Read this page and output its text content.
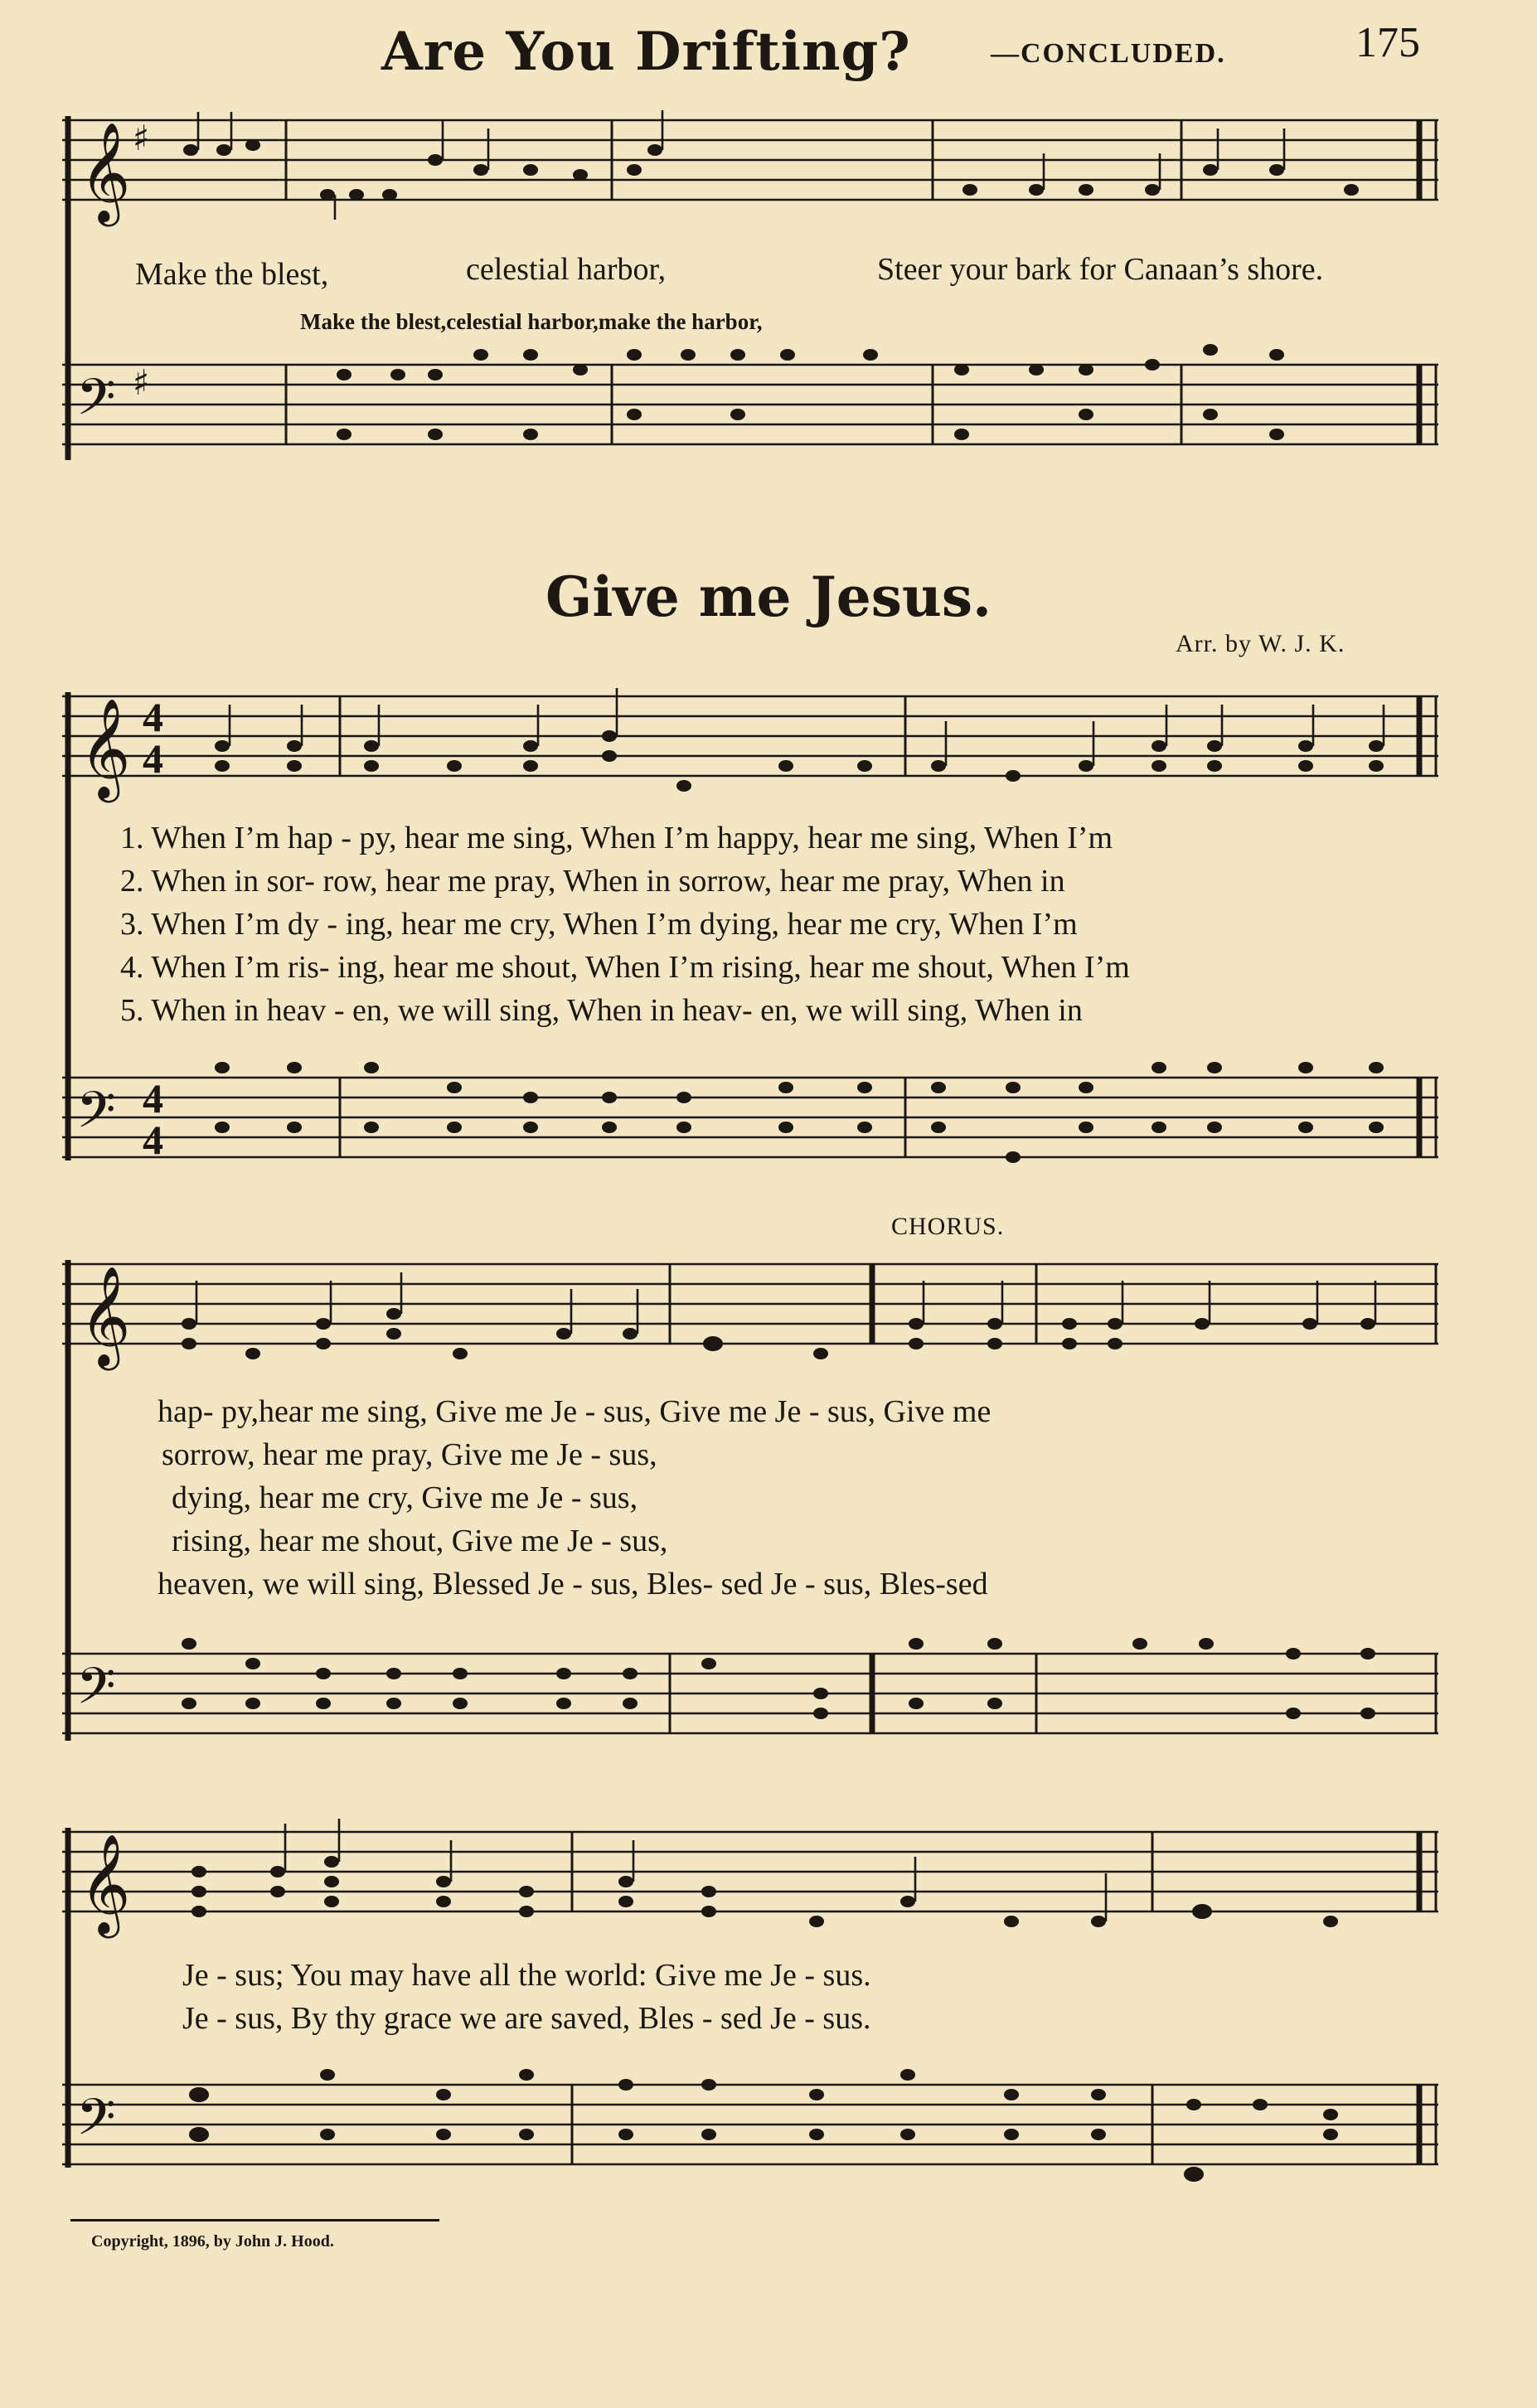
Are You Drifting?	—CONCLUDED.	175
𝄞 ♯
Make the blest,	celestial harbor,	Steer your bark for Canaan’s shore.
Make the blest,celestial harbor,make the harbor,
𝄢 ♯
Give me Jesus.
Arr. by W. J. K.
𝄞 4
4
1. When I’m hap - py, hear me sing, When I’m happy, hear me sing, When I’m
2. When in sor- row, hear me pray, When in sorrow, hear me pray, When in
3. When I’m dy - ing, hear me cry, When I’m dying, hear me cry, When I’m
4. When I’m ris- ing, hear me shout, When I’m rising, hear me shout, When I’m
5. When in heav - en, we will sing, When in heav- en, we will sing, When in
𝄢 4
4
CHORUS.
𝄞
hap- py,hear me sing, Give me Je - sus, Give me Je - sus, Give me
sorrow, hear me pray, Give me Je - sus,
dying, hear me cry, Give me Je - sus,
rising, hear me shout, Give me Je - sus,
heaven, we will sing, Blessed Je - sus, Bles- sed Je - sus, Bles-sed
𝄢
𝄞
Je - sus; You may have all the world: Give me Je - sus.
Je - sus, By thy grace we are saved, Bles - sed Je - sus.
𝄢
Copyright, 1896, by John J. Hood.
